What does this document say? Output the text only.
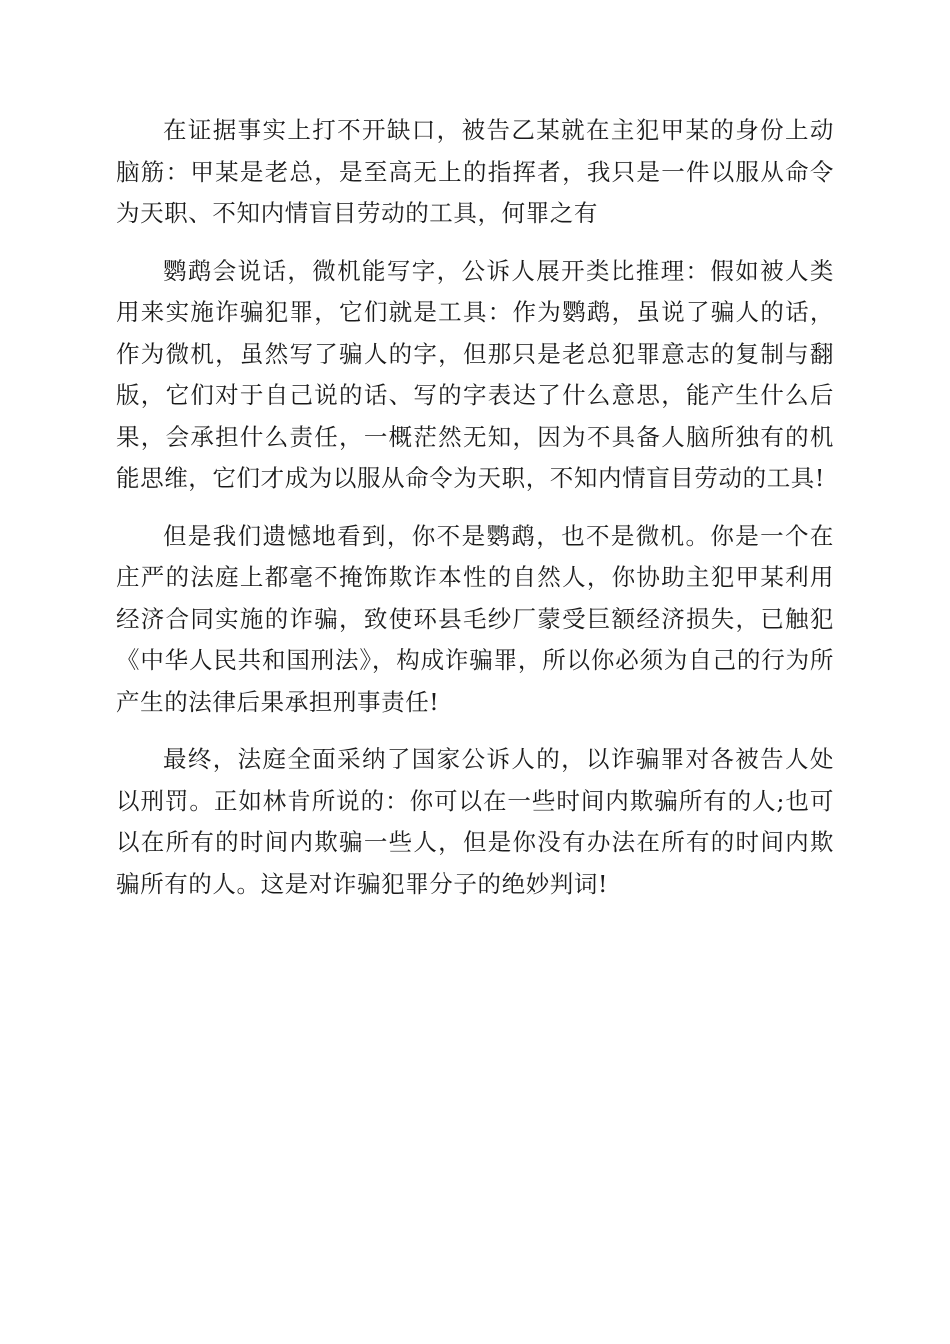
在证据事实上打不开缺口，被告乙某就在主犯甲某的身份上动脑筋：甲某是老总，是至高无上的指挥者，我只是一件以服从命令为天职、不知内情盲目劳动的工具，何罪之有

鹦鹉会说话，微机能写字，公诉人展开类比推理：假如被人类用来实施诈骗犯罪，它们就是工具：作为鹦鹉，虽说了骗人的话，作为微机，虽然写了骗人的字，但那只是老总犯罪意志的复制与翻版，它们对于自己说的话、写的字表达了什么意思，能产生什么后果，会承担什么责任，一概茫然无知，因为不具备人脑所独有的机能思维，它们才成为以服从命令为天职，不知内情盲目劳动的工具!

但是我们遗憾地看到，你不是鹦鹉，也不是微机。你是一个在庄严的法庭上都毫不掩饰欺诈本性的自然人，你协助主犯甲某利用经济合同实施的诈骗，致使环县毛纱厂蒙受巨额经济损失，已触犯《中华人民共和国刑法》，构成诈骗罪，所以你必须为自己的行为所产生的法律后果承担刑事责任!

最终，法庭全面采纳了国家公诉人的，以诈骗罪对各被告人处以刑罚。正如林肯所说的：你可以在一些时间内欺骗所有的人;也可以在所有的时间内欺骗一些人，但是你没有办法在所有的时间内欺骗所有的人。这是对诈骗犯罪分子的绝妙判词!
